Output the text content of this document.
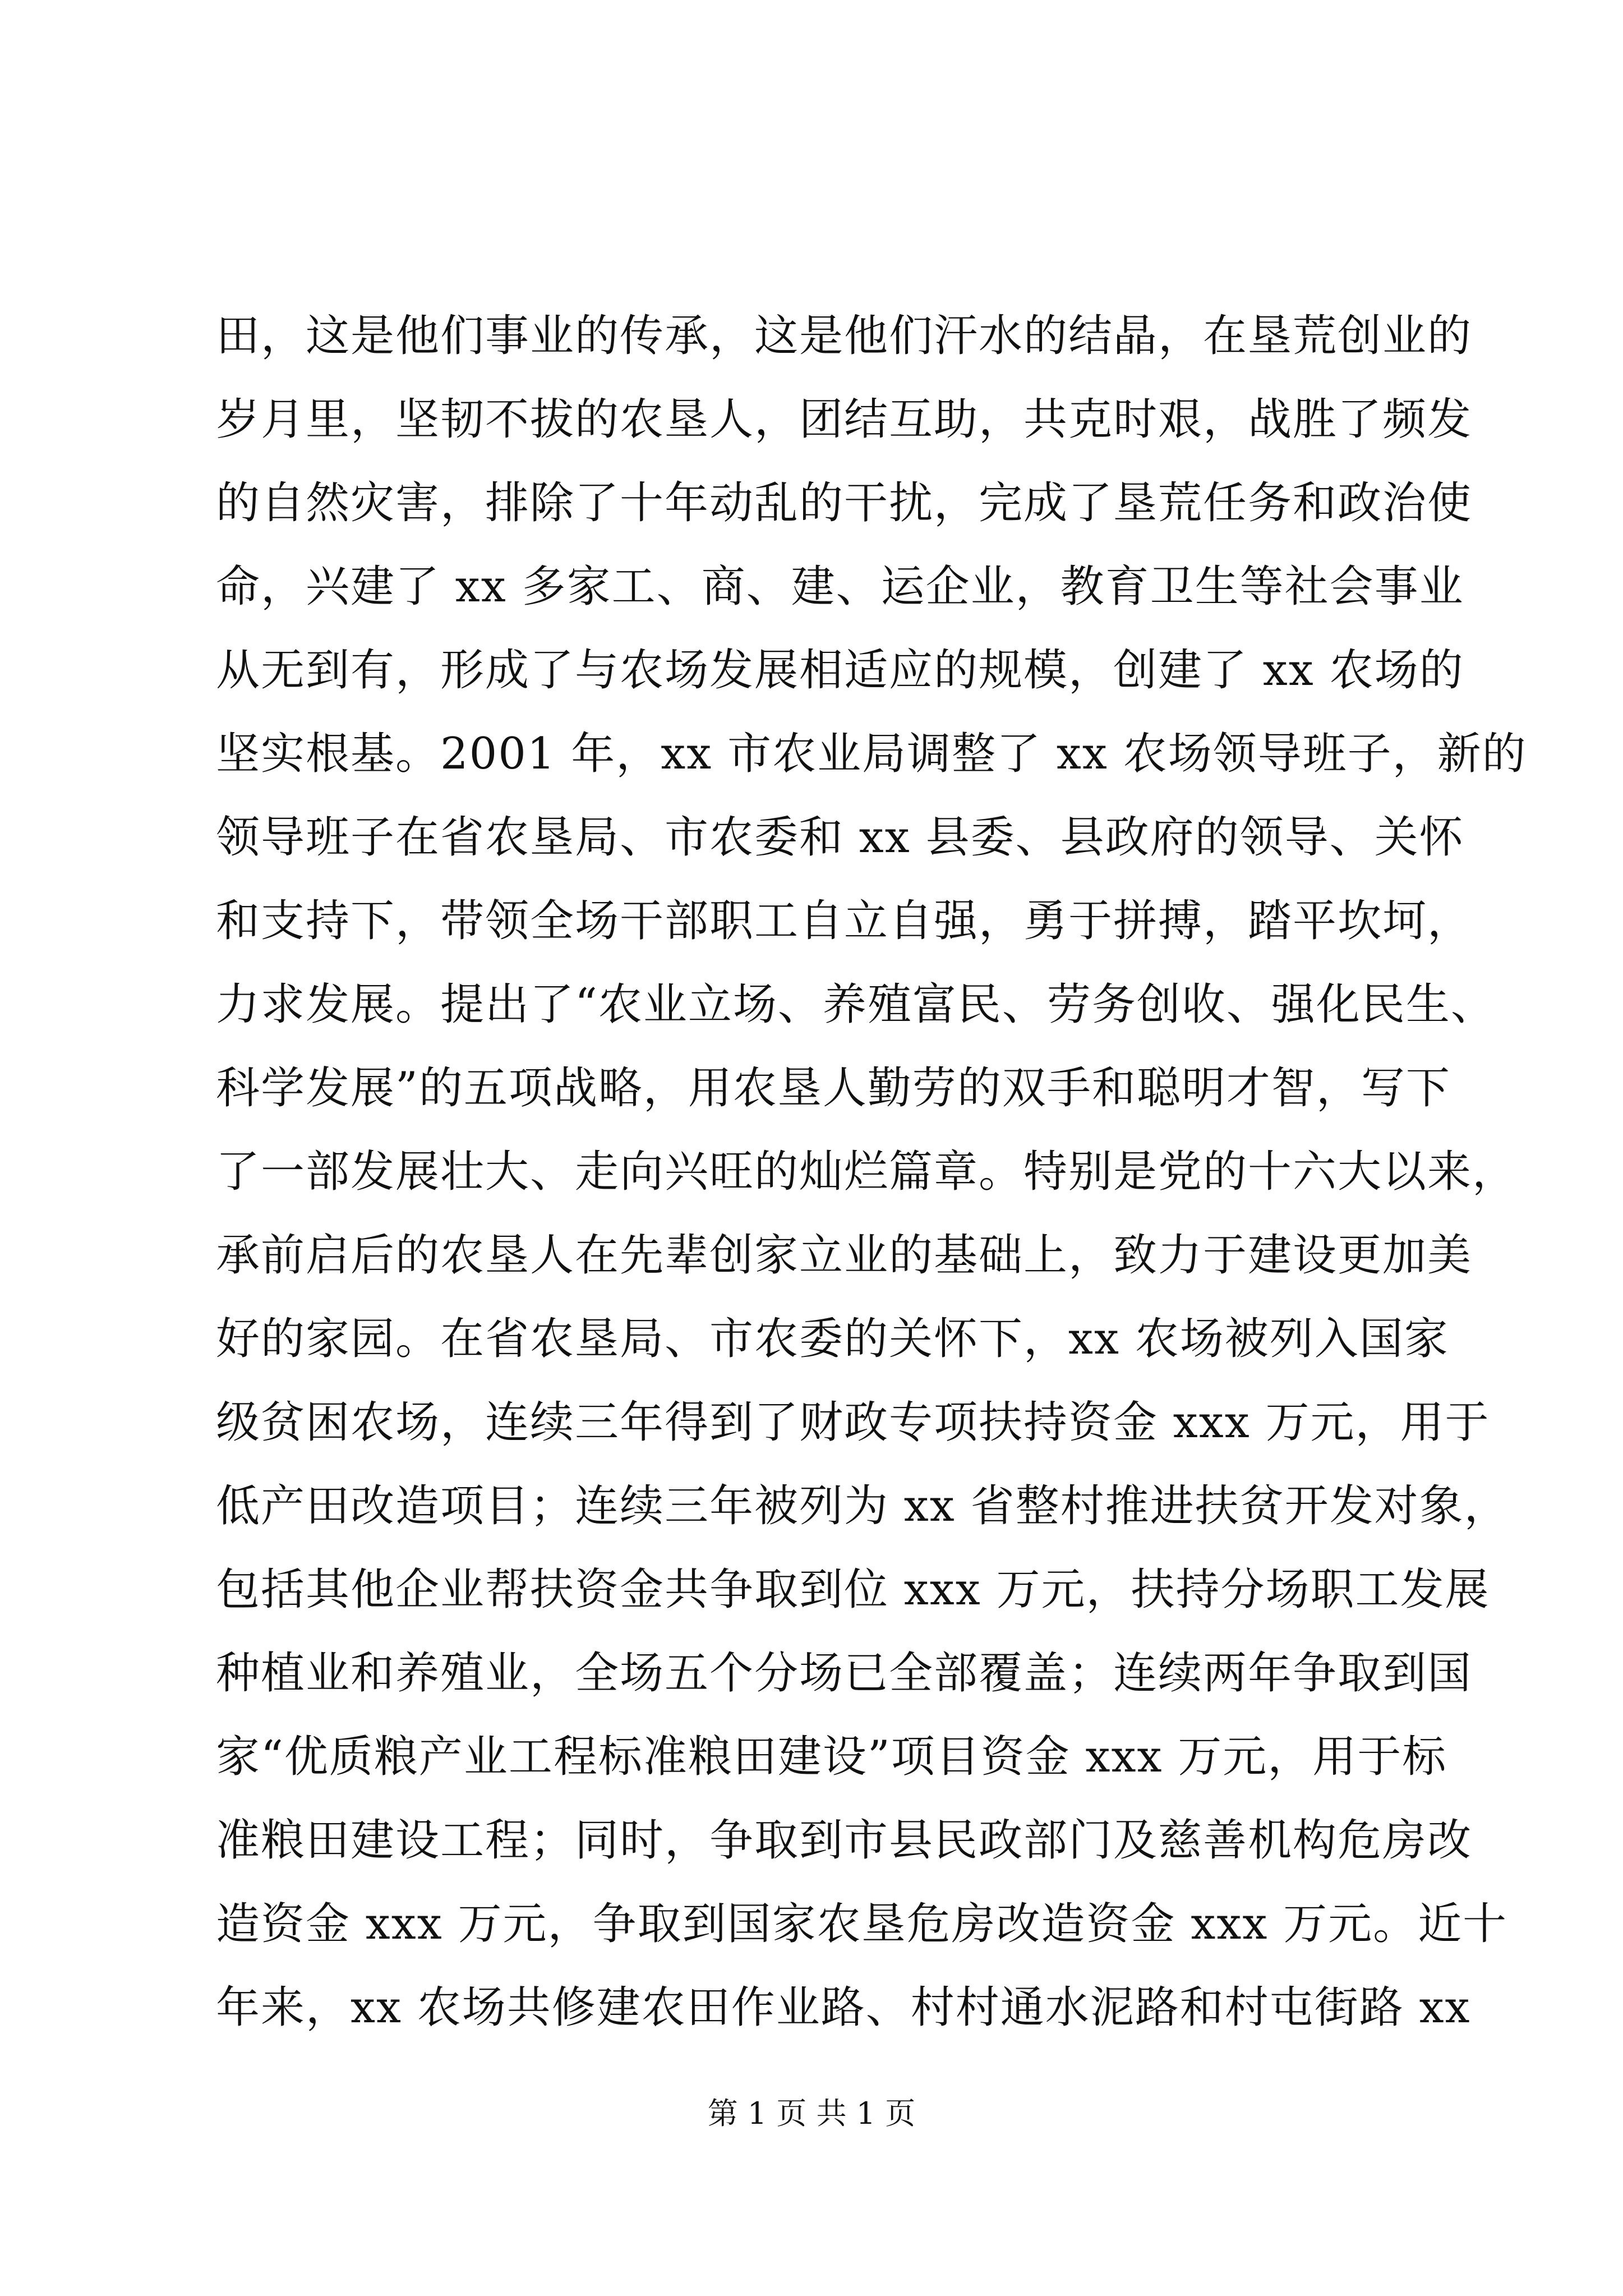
田，这是他们事业的传承，这是他们汗水的结晶，在垦荒创业的
岁月里，坚韧不拔的农垦人，团结互助，共克时艰，战胜了频发
的自然灾害，排除了十年动乱的干扰，完成了垦荒任务和政治使
命，兴建了 xx 多家工、商、建、运企业，教育卫生等社会事业
从无到有，形成了与农场发展相适应的规模，创建了 xx 农场的
坚实根基。2001 年，xx 市农业局调整了 xx 农场领导班子，新的
领导班子在省农垦局、市农委和 xx 县委、县政府的领导、关怀
和支持下，带领全场干部职工自立自强，勇于拼搏，踏平坎坷，
力求发展。提出了“农业立场、养殖富民、劳务创收、强化民生、
科学发展”的五项战略，用农垦人勤劳的双手和聪明才智，写下
了一部发展壮大、走向兴旺的灿烂篇章。特别是党的十六大以来，
承前启后的农垦人在先辈创家立业的基础上，致力于建设更加美
好的家园。在省农垦局、市农委的关怀下，xx 农场被列入国家
级贫困农场，连续三年得到了财政专项扶持资金 xxx 万元，用于
低产田改造项目；连续三年被列为 xx 省整村推进扶贫开发对象，
包括其他企业帮扶资金共争取到位 xxx 万元，扶持分场职工发展
种植业和养殖业，全场五个分场已全部覆盖；连续两年争取到国
家“优质粮产业工程标准粮田建设”项目资金 xxx 万元，用于标
准粮田建设工程；同时，争取到市县民政部门及慈善机构危房改
造资金 xxx 万元，争取到国家农垦危房改造资金 xxx 万元。近十
年来，xx 农场共修建农田作业路、村村通水泥路和村屯街路 xx
第 1 页 共 1 页
